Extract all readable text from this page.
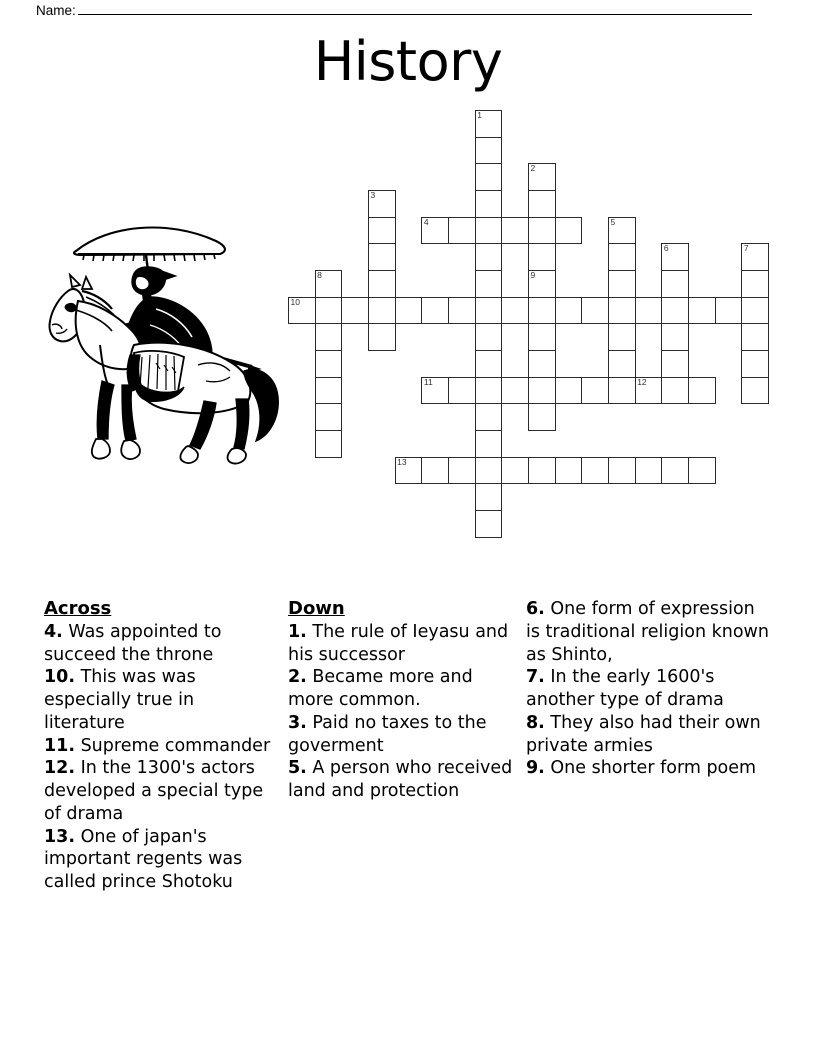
Name:
History
1
2
3
4	5
6	7
8	9
10
11	12
13
Across

4. Was appointed to succeed the throne

10. This was was especially true in literature

11. Supreme commander

12. In the 1300's actors developed a special type of drama

13. One of japan's important regents was called prince Shotoku

Down

1. The rule of Ieyasu and his successor

2. Became more and more common.

3. Paid no taxes to the goverment

5. A person who received land and protection

6. One form of expression is traditional religion known as Shinto,

7. In the early 1600's another type of drama

8. They also had their own private armies

9. One shorter form poem
